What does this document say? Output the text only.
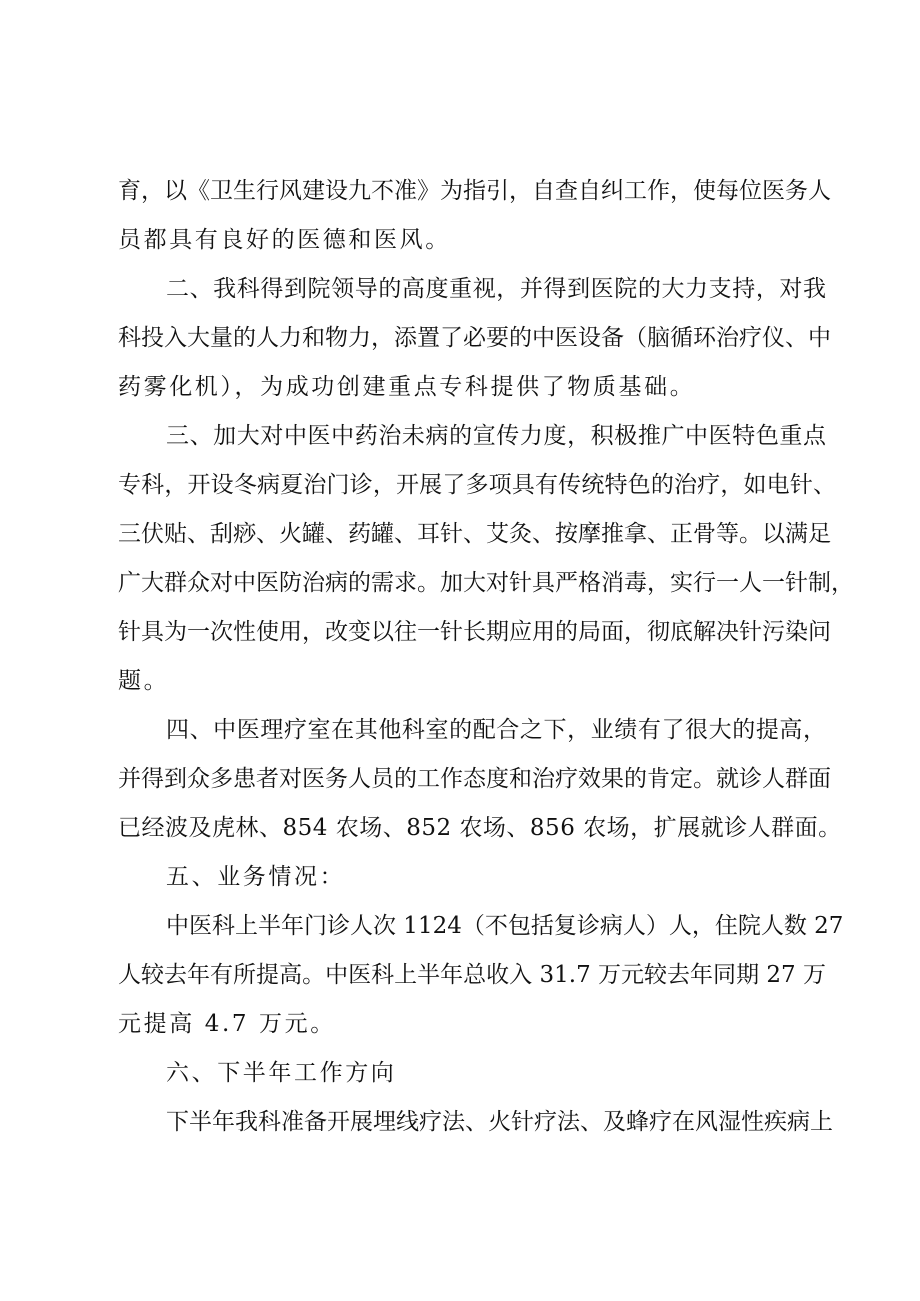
育，以《卫生行风建设九不准》为指引，自查自纠工作，使每位医务人
员都具有良好的医德和医风。
二、我科得到院领导的高度重视，并得到医院的大力支持，对我
科投入大量的人力和物力，添置了必要的中医设备（脑循环治疗仪、中
药雾化机），为成功创建重点专科提供了物质基础。
三、加大对中医中药治未病的宣传力度，积极推广中医特色重点
专科，开设冬病夏治门诊，开展了多项具有传统特色的治疗，如电针、
三伏贴、刮痧、火罐、药罐、耳针、艾灸、按摩推拿、正骨等。以满足
广大群众对中医防治病的需求。加大对针具严格消毒，实行一人一针制，
针具为一次性使用，改变以往一针长期应用的局面，彻底解决针污染问
题。
四、中医理疗室在其他科室的配合之下，业绩有了很大的提高，
并得到众多患者对医务人员的工作态度和治疗效果的肯定。就诊人群面
已经波及虎林、854 农场、852 农场、856 农场，扩展就诊人群面。
五、业务情况：
中医科上半年门诊人次 1124（不包括复诊病人）人，住院人数 27
人较去年有所提高。中医科上半年总收入 31.7 万元较去年同期 27 万
元提高 4.7 万元。
六、下半年工作方向
下半年我科准备开展埋线疗法、火针疗法、及蜂疗在风湿性疾病上
